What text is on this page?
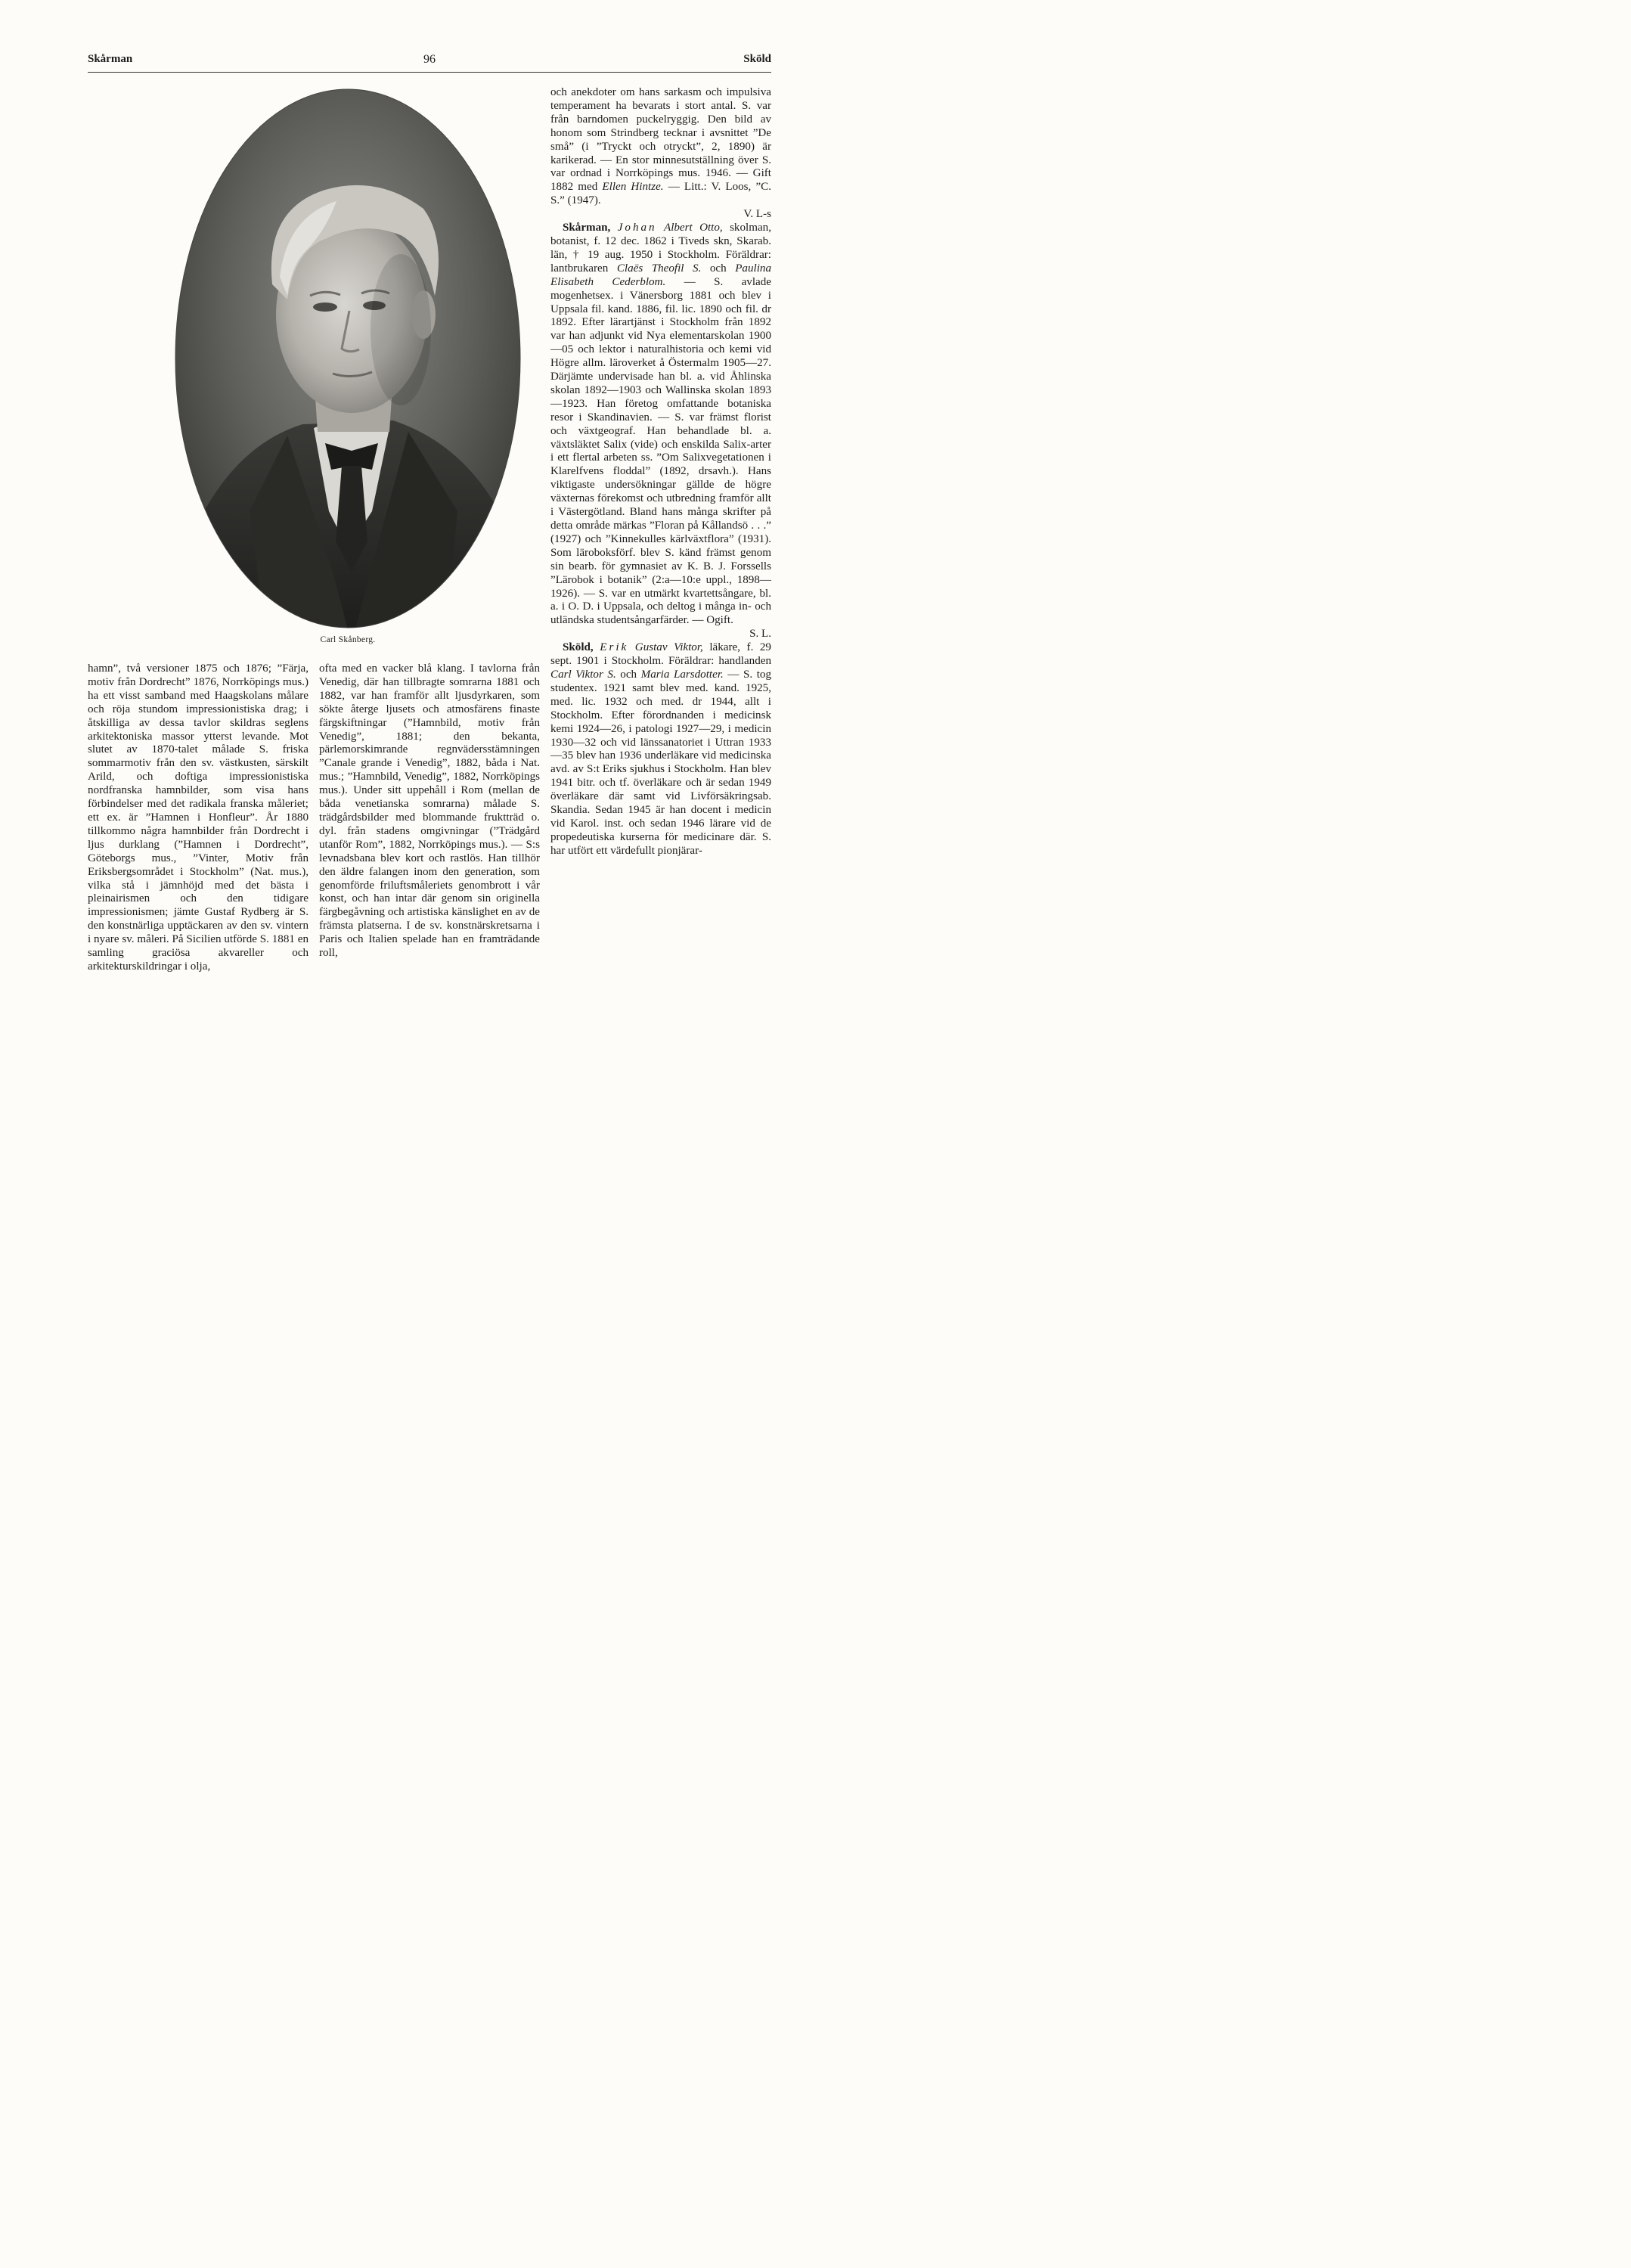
Skårman	96	Sköld
Carl Skånberg.

och anekdoter om hans sarkasm och impulsiva temperament ha bevarats i stort antal. S. var från barndomen puckelryggig. Den bild av honom som Strindberg tecknar i avsnittet ”De små” (i ”Tryckt och otryckt”, 2, 1890) är karikerad. — En stor minnesutställning över S. var ordnad i Norrköpings mus. 1946. — Gift 1882 med Ellen Hintze. — Litt.: V. Loos, ”C. S.” (1947).

V. L-s

Skårman, Johan Albert Otto, skolman, botanist, f. 12 dec. 1862 i Tiveds skn, Skarab. län, † 19 aug. 1950 i Stockholm. Föräldrar: lantbrukaren Claës Theofil S. och Paulina Elisabeth Cederblom. — S. avlade mogenhetsex. i Vänersborg 1881 och blev i Uppsala fil. kand. 1886, fil. lic. 1890 och fil. dr 1892. Efter lärartjänst i Stockholm från 1892 var han adjunkt vid Nya elementarskolan 1900—05 och lektor i naturalhistoria och kemi vid Högre allm. läroverket å Östermalm 1905—27. Därjämte undervisade han bl. a. vid Åhlinska skolan 1892—1903 och Wallinska skolan 1893—1923. Han företog omfattande botaniska resor i Skandinavien. — S. var främst florist och växtgeograf. Han behandlade bl. a. växtsläktet Salix (vide) och enskilda Salix-arter i ett flertal arbeten ss. ”Om Salixvegetationen i Klarelfvens floddal” (1892, drsavh.). Hans viktigaste undersökningar gällde de högre växternas förekomst och utbredning framför allt i Västergötland. Bland hans många skrifter på detta område märkas ”Floran på Kållandsö . . .” (1927) och ”Kinnekulles kärlväxtflora” (1931). Som läroboksförf. blev S. känd främst genom sin bearb. för gymnasiet av K. B. J. Forssells ”Lärobok i botanik” (2:a—10:e uppl., 1898—1926). — S. var en utmärkt kvartettsångare, bl. a. i O. D. i Uppsala, och deltog i många in- och utländska studentsångarfärder. — Ogift.

S. L.

Sköld, Erik Gustav Viktor, läkare, f. 29 sept. 1901 i Stockholm. Föräldrar: handlanden Carl Viktor S. och Maria Larsdotter. — S. tog studentex. 1921 samt blev med. kand. 1925, med. lic. 1932 och med. dr 1944, allt i Stockholm. Efter förordnanden i medicinsk kemi 1924—26, i patologi 1927—29, i medicin 1930—32 och vid länssanatoriet i Uttran 1933—35 blev han 1936 underläkare vid medicinska avd. av S:t Eriks sjukhus i Stockholm. Han blev 1941 bitr. och tf. överläkare och är sedan 1949 överläkare där samt vid Livförsäkringsab. Skandia. Sedan 1945 är han docent i medicin vid Karol. inst. och sedan 1946 lärare vid de propedeutiska kurserna för medicinare där. S. har utfört ett värdefullt pionjärar-

hamn”, två versioner 1875 och 1876; ”Färja, motiv från Dordrecht” 1876, Norrköpings mus.) ha ett visst samband med Haagskolans målare och röja stundom impressionistiska drag; i åtskilliga av dessa tavlor skildras seglens arkitektoniska massor ytterst levande. Mot slutet av 1870-talet målade S. friska sommarmotiv från den sv. västkusten, särskilt Arild, och doftiga impressionistiska nordfranska hamnbilder, som visa hans förbindelser med det radikala franska måleriet; ett ex. är ”Hamnen i Honfleur”. År 1880 tillkommo några hamnbilder från Dordrecht i ljus durklang (”Hamnen i Dordrecht”, Göteborgs mus., ”Vinter, Motiv från Eriksbergsområdet i Stockholm” (Nat. mus.), vilka stå i jämnhöjd med det bästa i pleinairismen och den tidigare impressionismen; jämte Gustaf Rydberg är S. den konstnärliga upptäckaren av den sv. vintern i nyare sv. måleri. På Sicilien utförde S. 1881 en samling graciösa akvareller och arkitekturskildringar i olja,

ofta med en vacker blå klang. I tavlorna från Venedig, där han tillbragte somrarna 1881 och 1882, var han framför allt ljusdyrkaren, som sökte återge ljusets och atmosfärens finaste färgskiftningar (”Hamnbild, motiv från Venedig”, 1881; den bekanta, pärlemorskimrande regnvädersstämningen ”Canale grande i Venedig”, 1882, båda i Nat. mus.; ”Hamnbild, Venedig”, 1882, Norrköpings mus.). Under sitt uppehåll i Rom (mellan de båda venetianska somrarna) målade S. trädgårdsbilder med blommande fruktträd o. dyl. från stadens omgivningar (”Trädgård utanför Rom”, 1882, Norrköpings mus.). — S:s levnadsbana blev kort och rastlös. Han tillhör den äldre falangen inom den generation, som genomförde friluftsmåleriets genombrott i vår konst, och han intar där genom sin originella färgbegåvning och artistiska känslighet en av de främsta platserna. I de sv. konstnärskretsarna i Paris och Italien spelade han en framträdande roll,
